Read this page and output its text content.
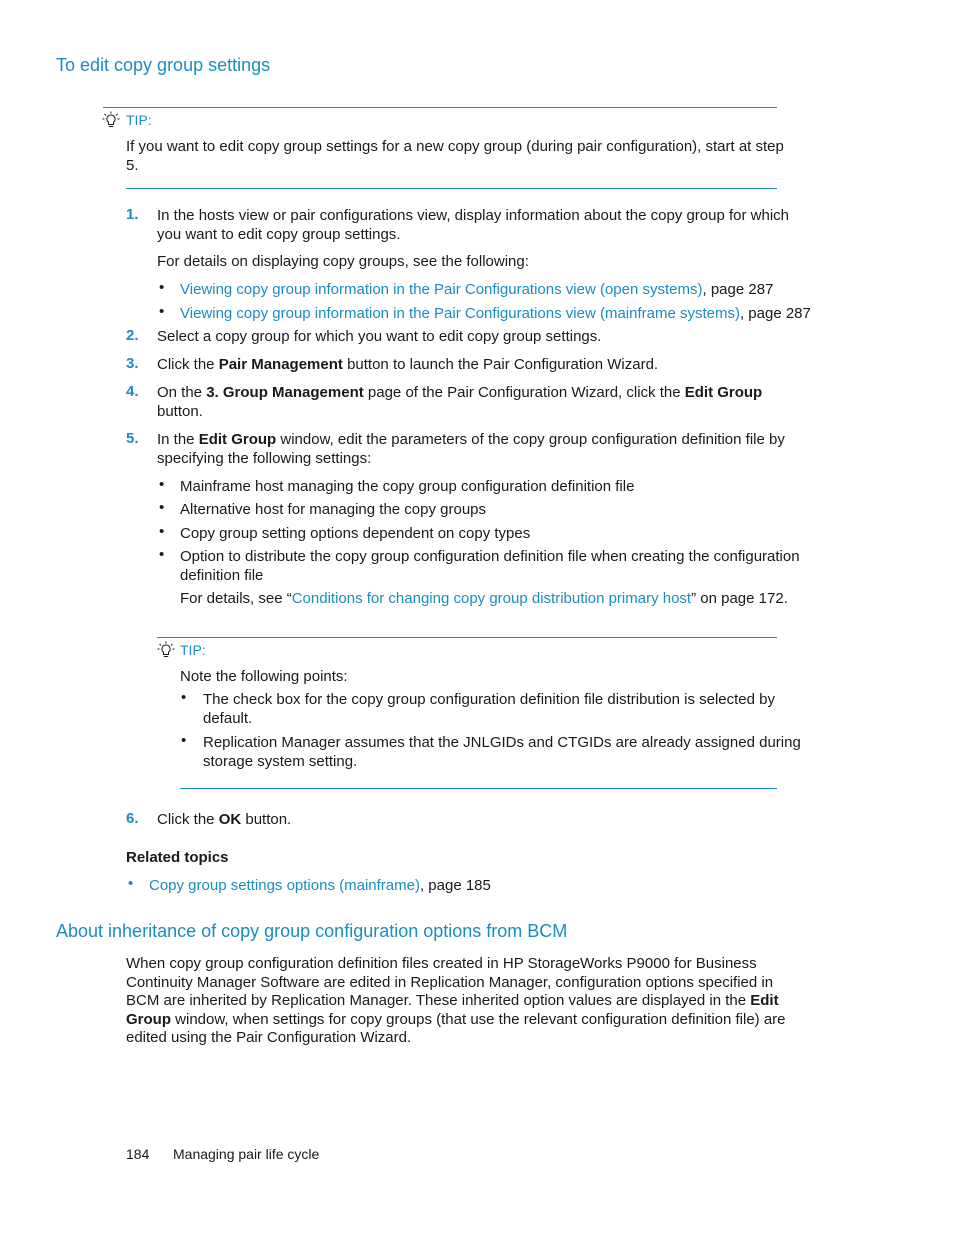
To edit copy group settings
TIP:
If you want to edit copy group settings for a new copy group (during pair configuration), start at step
5.
1. In the hosts view or pair configurations view, display information about the copy group for which
you want to edit copy group settings.
For details on displaying copy groups, see the following:
• Viewing copy group information in the Pair Configurations view (open systems), page 287
• Viewing copy group information in the Pair Configurations view (mainframe systems), page 287
2. Select a copy group for which you want to edit copy group settings.
3. Click the Pair Management button to launch the Pair Configuration Wizard.
4. On the 3. Group Management page of the Pair Configuration Wizard, click the Edit Group
button.
5. In the Edit Group window, edit the parameters of the copy group configuration definition file by
specifying the following settings:
• Mainframe host managing the copy group configuration definition file
• Alternative host for managing the copy groups
• Copy group setting options dependent on copy types
• Option to distribute the copy group configuration definition file when creating the configuration
definition file
For details, see “Conditions for changing copy group distribution primary host” on page 172.
TIP:
Note the following points:
• The check box for the copy group configuration definition file distribution is selected by
default.
• Replication Manager assumes that the JNLGIDs and CTGIDs are already assigned during
storage system setting.
6. Click the OK button.
Related topics
• Copy group settings options (mainframe), page 185
About inheritance of copy group configuration options from BCM
When copy group configuration definition files created in HP StorageWorks P9000 for Business
Continuity Manager Software are edited in Replication Manager, configuration options specified in
BCM are inherited by Replication Manager. These inherited option values are displayed in the Edit
Group window, when settings for copy groups (that use the relevant configuration definition file) are
edited using the Pair Configuration Wizard.
184 Managing pair life cycle
